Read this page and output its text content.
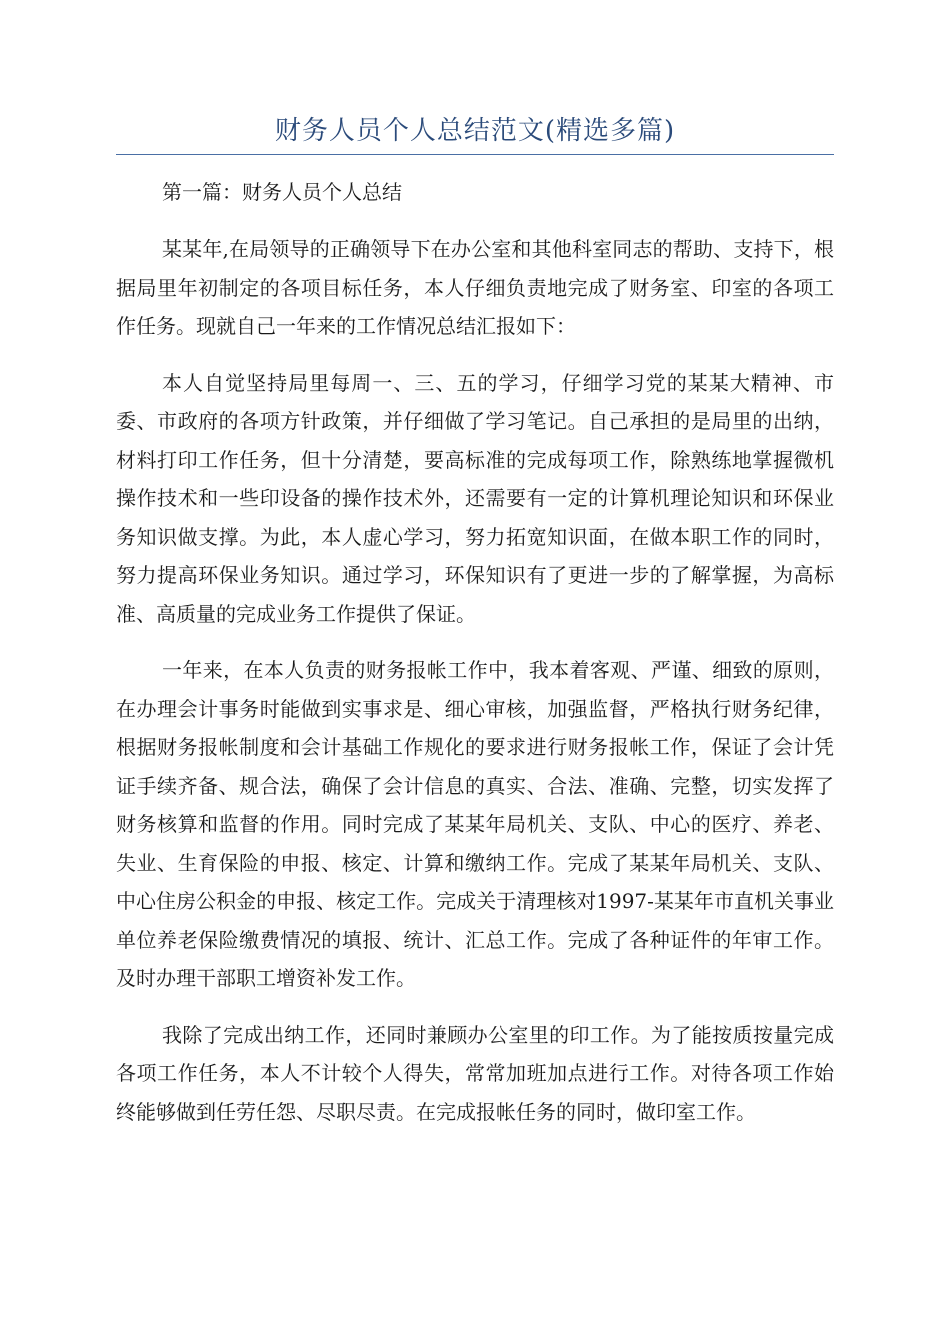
财务人员个人总结范文(精选多篇)

第一篇：财务人员个人总结

某某年,在局领导的正确领导下在办公室和其他科室同志的帮助、支持下，根据局里年初制定的各项目标任务，本人仔细负责地完成了财务室、印室的各项工作任务。现就自己一年来的工作情况总结汇报如下：

本人自觉坚持局里每周一、三、五的学习，仔细学习党的某某大精神、市委、市政府的各项方针政策，并仔细做了学习笔记。自己承担的是局里的出纳，材料打印工作任务，但十分清楚，要高标准的完成每项工作，除熟练地掌握微机操作技术和一些印设备的操作技术外，还需要有一定的计算机理论知识和环保业务知识做支撑。为此，本人虚心学习，努力拓宽知识面，在做本职工作的同时，努力提高环保业务知识。通过学习，环保知识有了更进一步的了解掌握，为高标准、高质量的完成业务工作提供了保证。

一年来，在本人负责的财务报帐工作中，我本着客观、严谨、细致的原则，在办理会计事务时能做到实事求是、细心审核，加强监督，严格执行财务纪律，根据财务报帐制度和会计基础工作规化的要求进行财务报帐工作，保证了会计凭证手续齐备、规合法，确保了会计信息的真实、合法、准确、完整，切实发挥了财务核算和监督的作用。同时完成了某某年局机关、支队、中心的医疗、养老、失业、生育保险的申报、核定、计算和缴纳工作。完成了某某年局机关、支队、中心住房公积金的申报、核定工作。完成关于清理核对1997-某某年市直机关事业单位养老保险缴费情况的填报、统计、汇总工作。完成了各种证件的年审工作。及时办理干部职工增资补发工作。

我除了完成出纳工作，还同时兼顾办公室里的印工作。为了能按质按量完成各项工作任务，本人不计较个人得失，常常加班加点进行工作。对待各项工作始终能够做到任劳任怨、尽职尽责。在完成报帐任务的同时，做印室工作。
